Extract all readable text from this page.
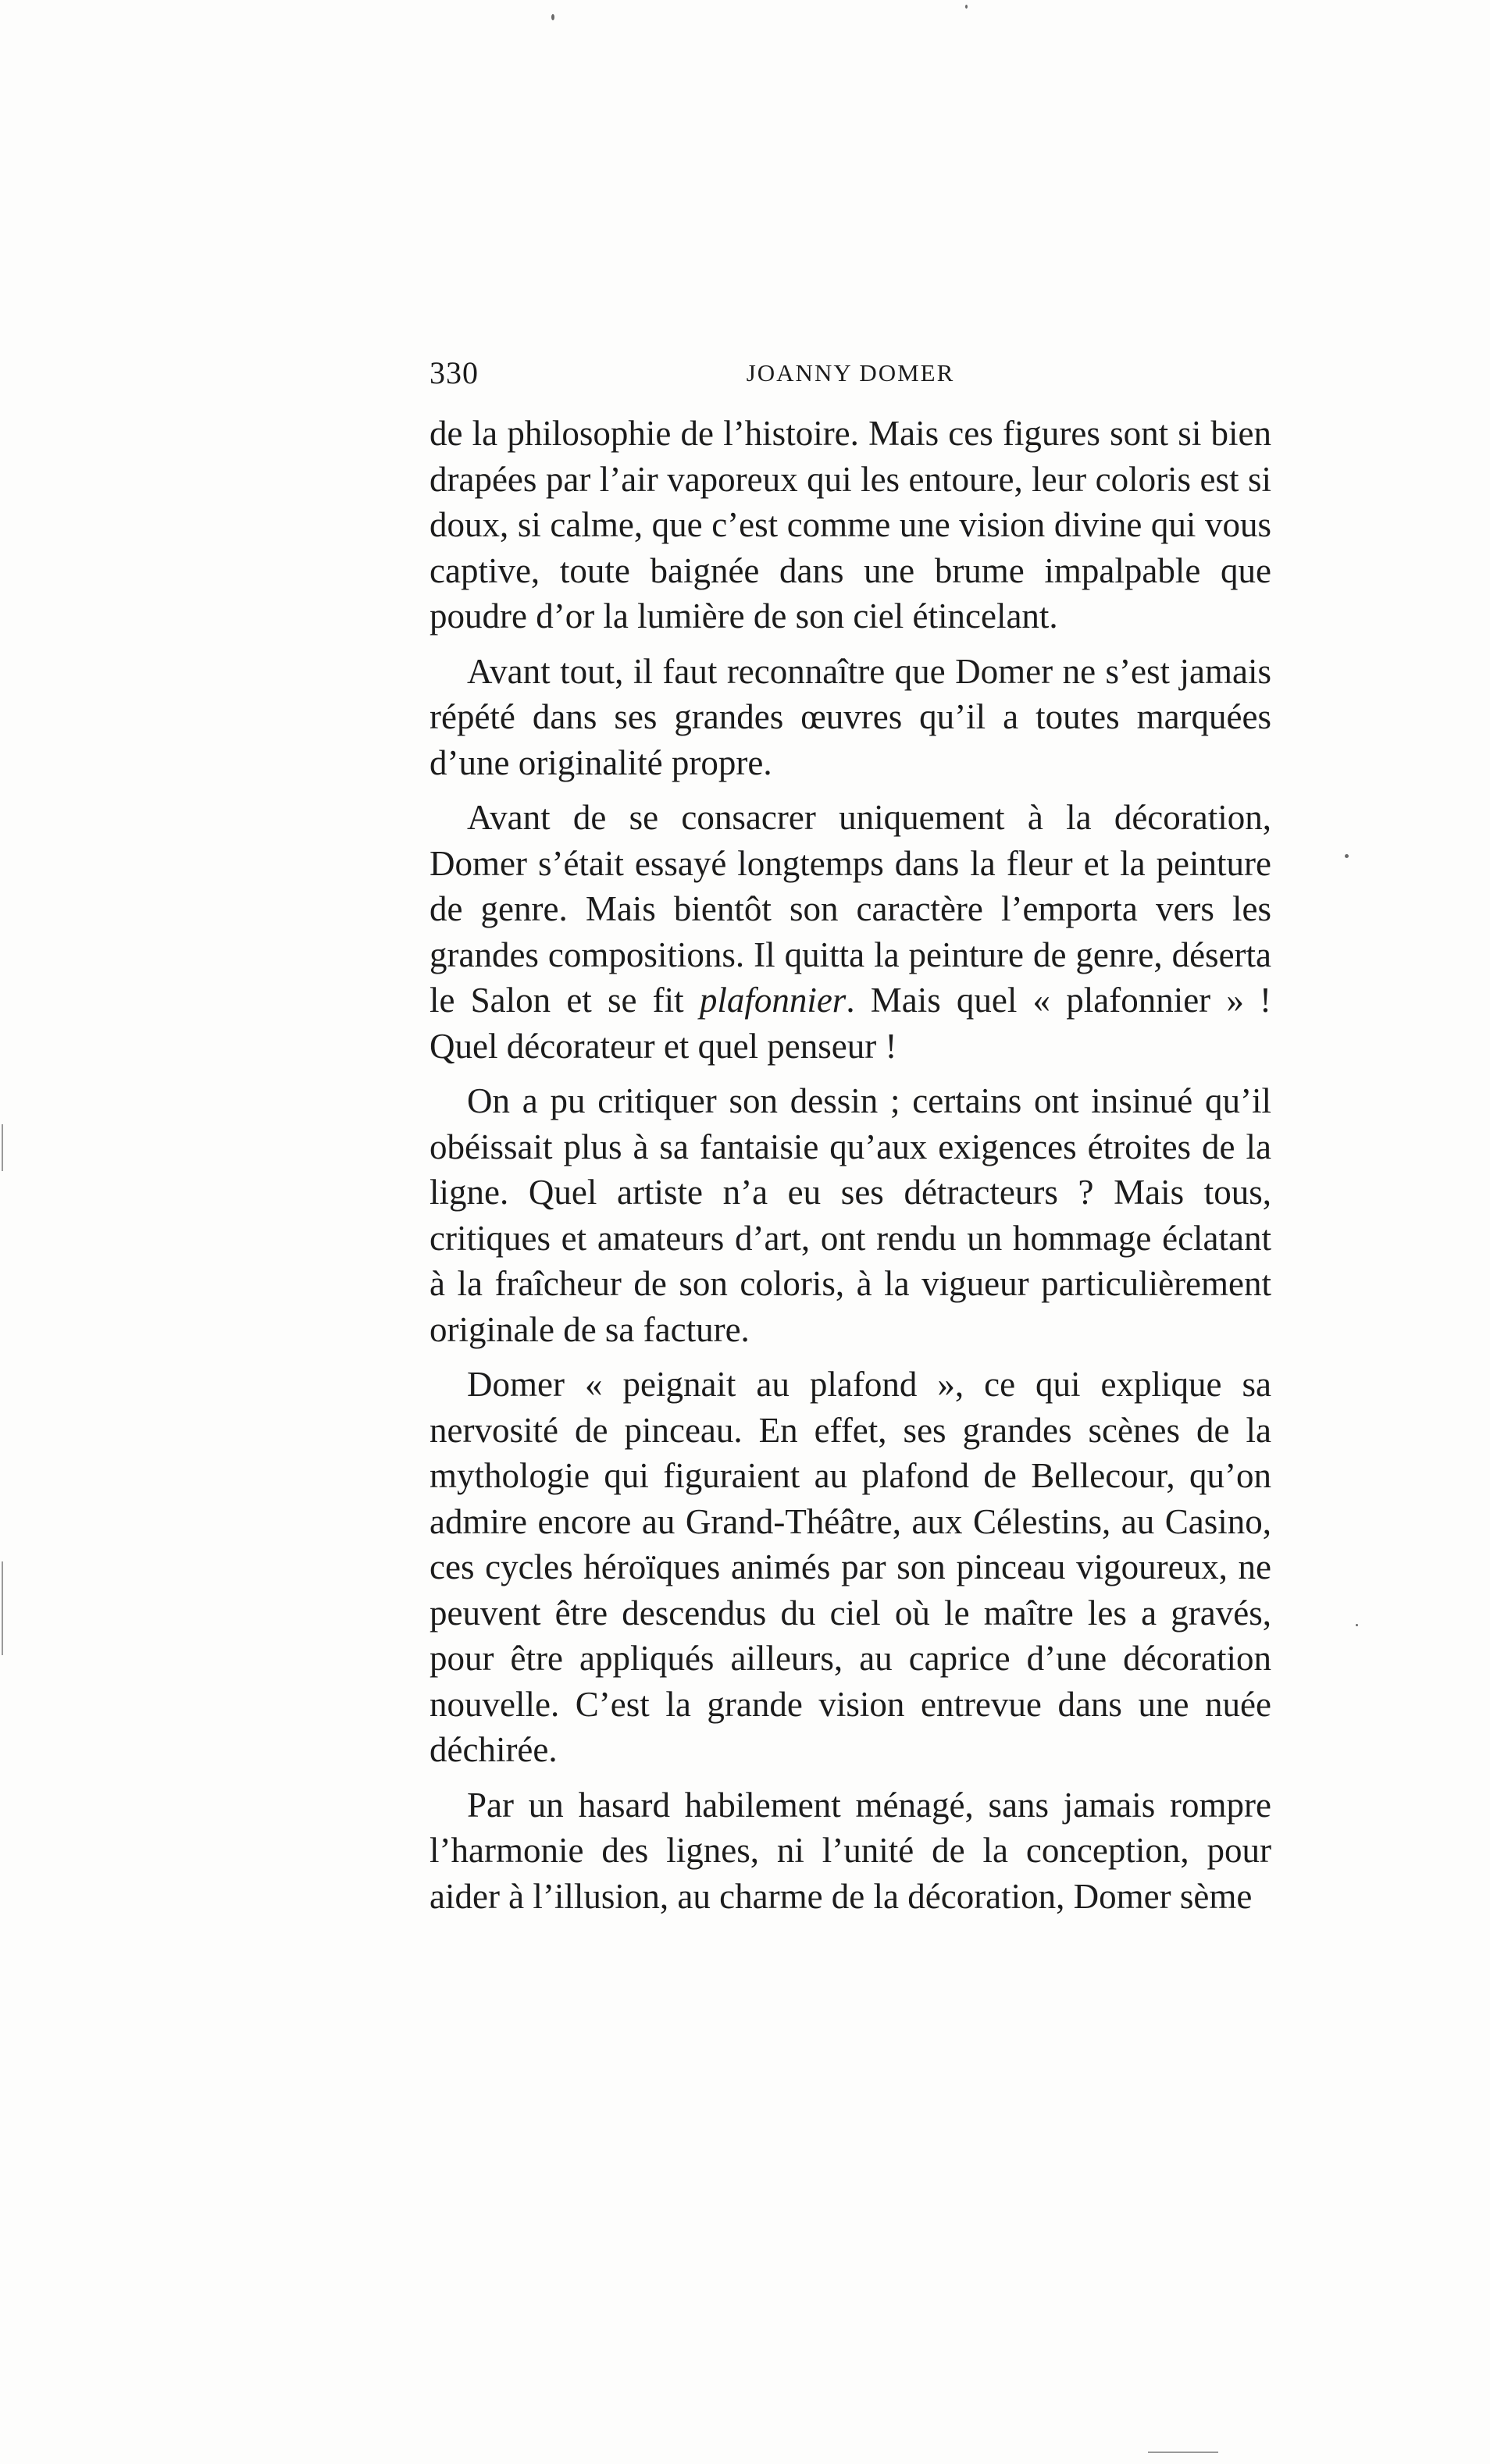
330	JOANNY DOMER

de la philosophie de l’histoire. Mais ces figures sont si bien drapées par l’air vaporeux qui les entoure, leur coloris est si doux, si calme, que c’est comme une vision divine qui vous captive, toute baignée dans une brume impalpable que poudre d’or la lumière de son ciel étincelant.

Avant tout, il faut reconnaître que Domer ne s’est jamais répété dans ses grandes œuvres qu’il a toutes marquées d’une originalité propre.

Avant de se consacrer uniquement à la décoration, Domer s’était essayé longtemps dans la fleur et la peinture de genre. Mais bientôt son caractère l’emporta vers les grandes compositions. Il quitta la peinture de genre, déserta le Salon et se fit plafonnier. Mais quel « plafonnier » ! Quel décorateur et quel penseur !

On a pu critiquer son dessin ; certains ont insinué qu’il obéissait plus à sa fantaisie qu’aux exigences étroites de la ligne. Quel artiste n’a eu ses détracteurs ? Mais tous, critiques et amateurs d’art, ont rendu un hommage éclatant à la fraîcheur de son coloris, à la vigueur particulièrement originale de sa facture.

Domer « peignait au plafond », ce qui explique sa nervosité de pinceau. En effet, ses grandes scènes de la mythologie qui figuraient au plafond de Bellecour, qu’on admire encore au Grand-Théâtre, aux Célestins, au Casino, ces cycles héroïques animés par son pinceau vigoureux, ne peuvent être descendus du ciel où le maître les a gravés, pour être appliqués ailleurs, au caprice d’une décoration nouvelle. C’est la grande vision entrevue dans une nuée déchirée.

Par un hasard habilement ménagé, sans jamais rompre l’harmonie des lignes, ni l’unité de la conception, pour aider à l’illusion, au charme de la décoration, Domer sème
